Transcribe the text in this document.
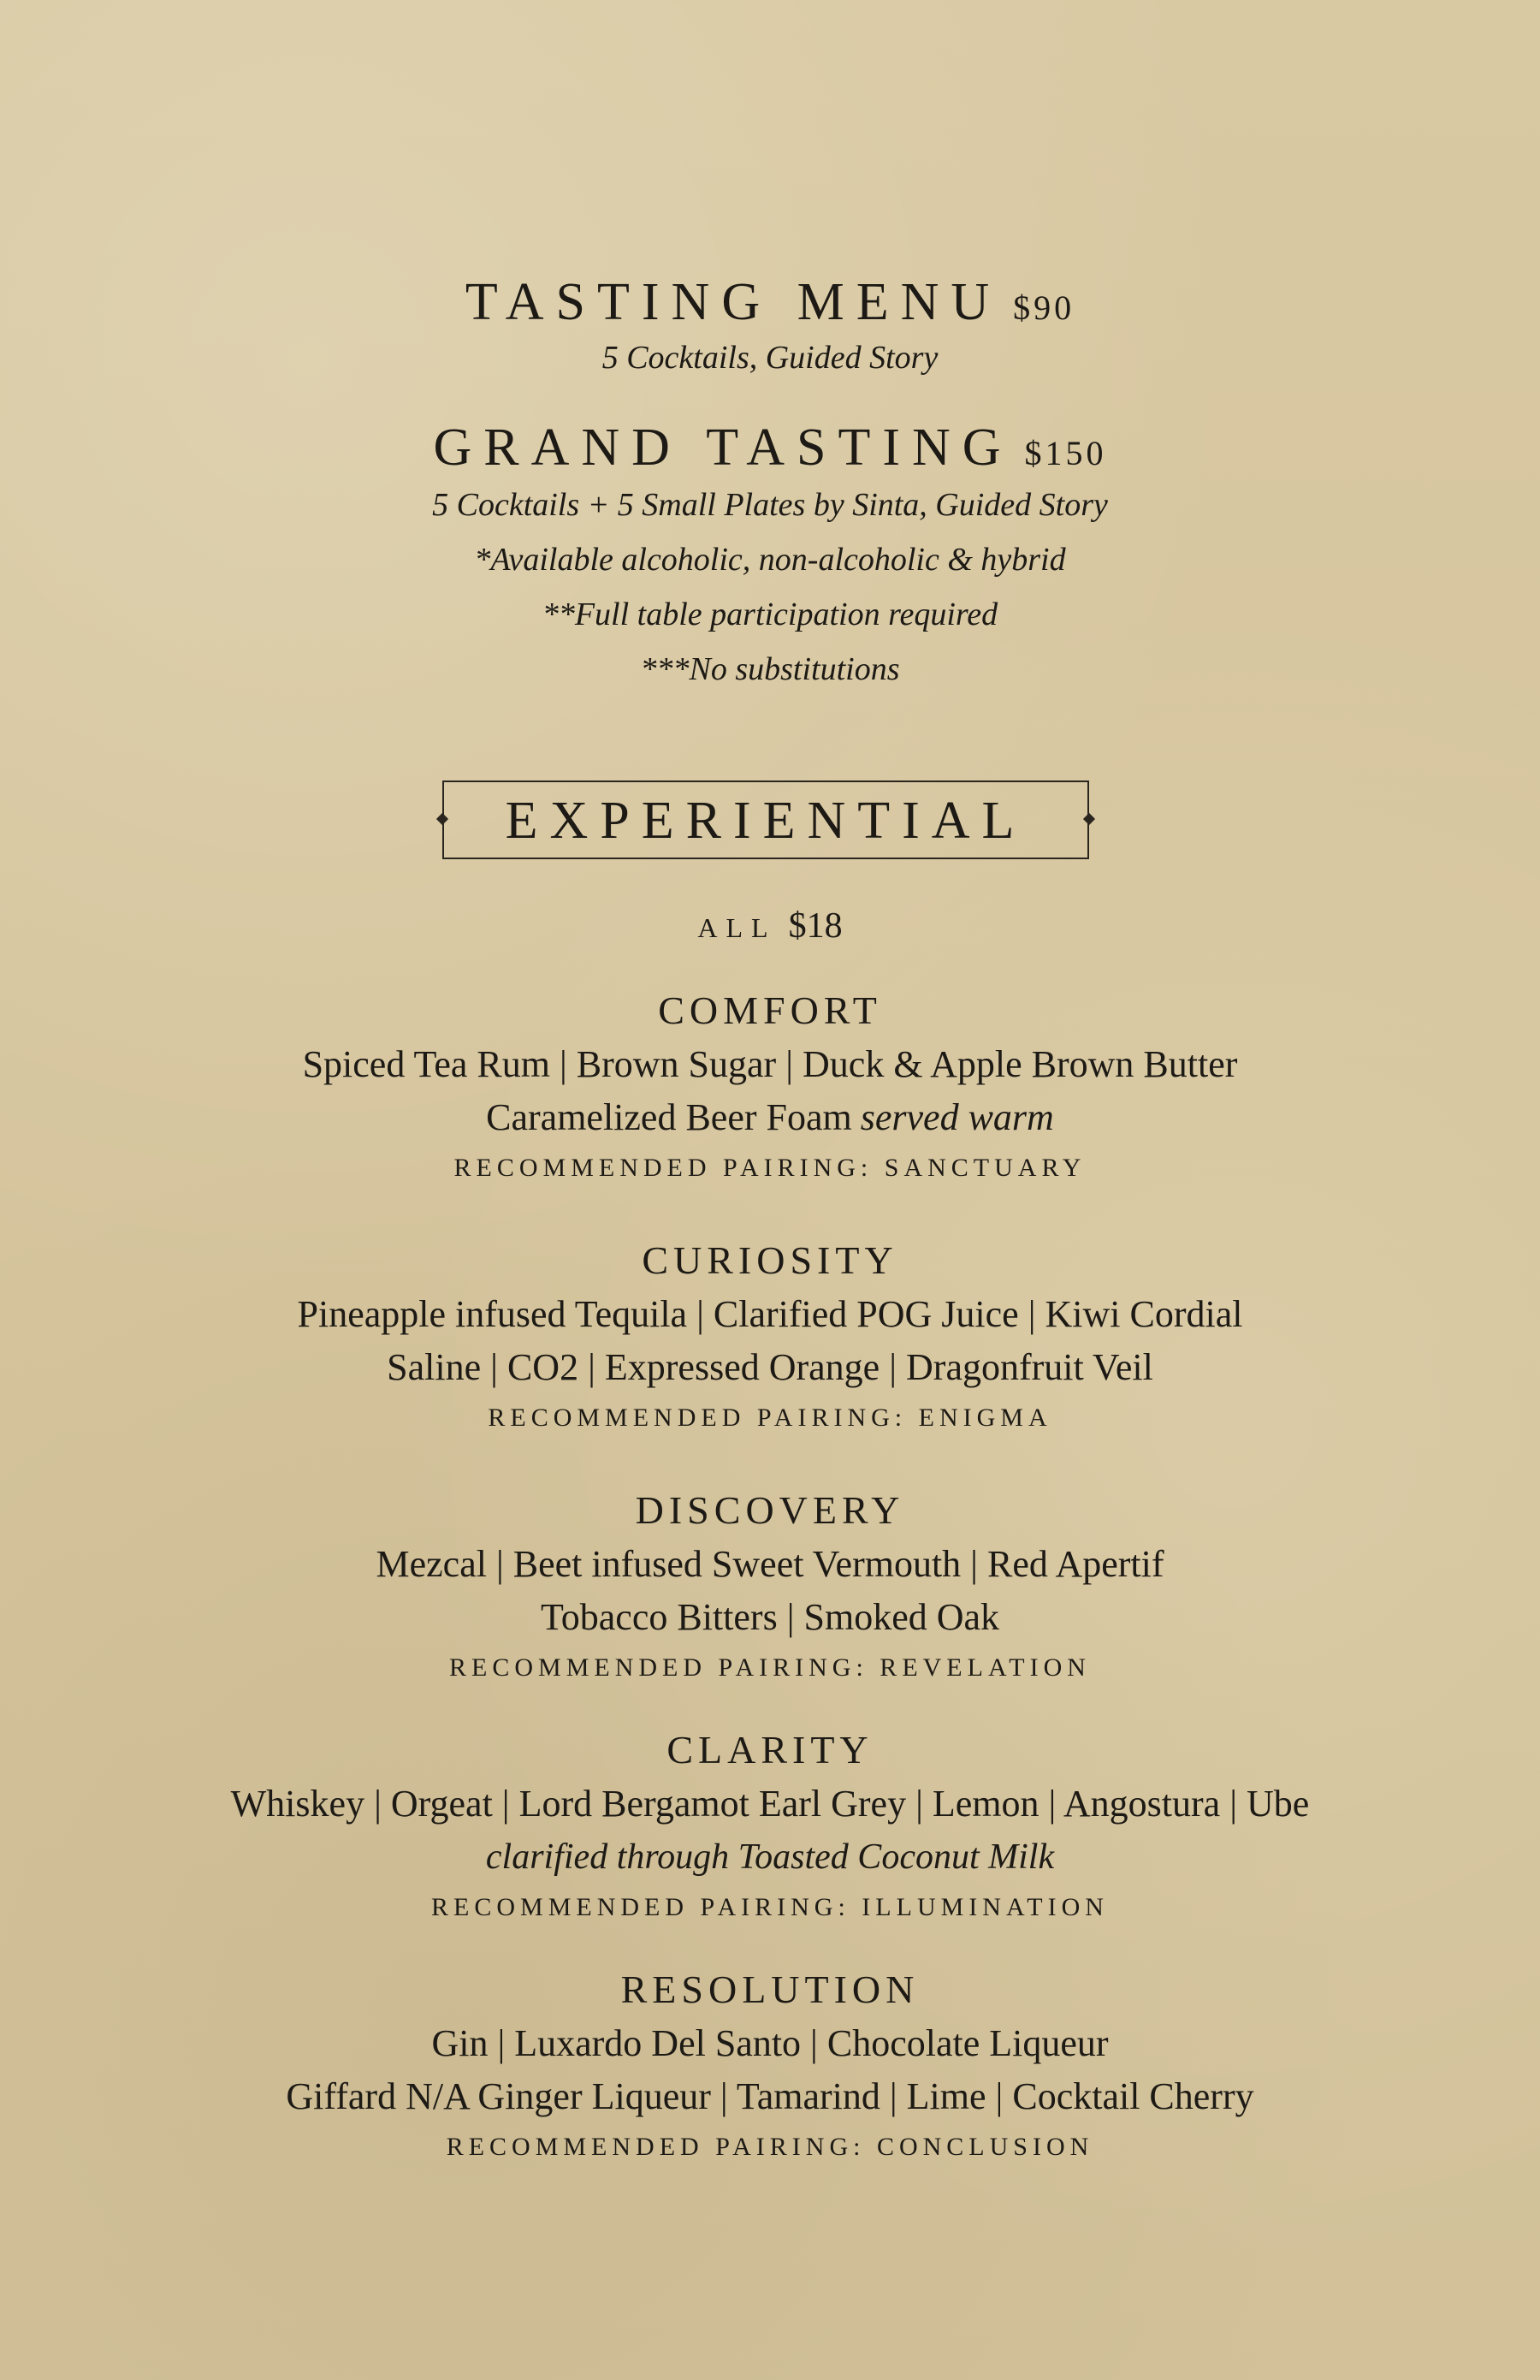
TASTING MENU $90
5 Cocktails, Guided Story
GRAND TASTING $150
5 Cocktails + 5 Small Plates by Sinta, Guided Story
*Available alcoholic, non-alcoholic & hybrid
**Full table participation required
***No substitutions
EXPERIENTIAL
ALL $18
COMFORT
Spiced Tea Rum | Brown Sugar | Duck & Apple Brown Butter
Caramelized Beer Foam served warm
RECOMMENDED PAIRING: SANCTUARY
CURIOSITY
Pineapple infused Tequila | Clarified POG Juice | Kiwi Cordial
Saline | CO2 | Expressed Orange | Dragonfruit Veil
RECOMMENDED PAIRING: ENIGMA
DISCOVERY
Mezcal | Beet infused Sweet Vermouth | Red Apertif
Tobacco Bitters | Smoked Oak
RECOMMENDED PAIRING: REVELATION
CLARITY
Whiskey | Orgeat | Lord Bergamot Earl Grey | Lemon | Angostura | Ube
clarified through Toasted Coconut Milk
RECOMMENDED PAIRING: ILLUMINATION
RESOLUTION
Gin | Luxardo Del Santo | Chocolate Liqueur
Giffard N/A Ginger Liqueur | Tamarind | Lime | Cocktail Cherry
RECOMMENDED PAIRING: CONCLUSION
